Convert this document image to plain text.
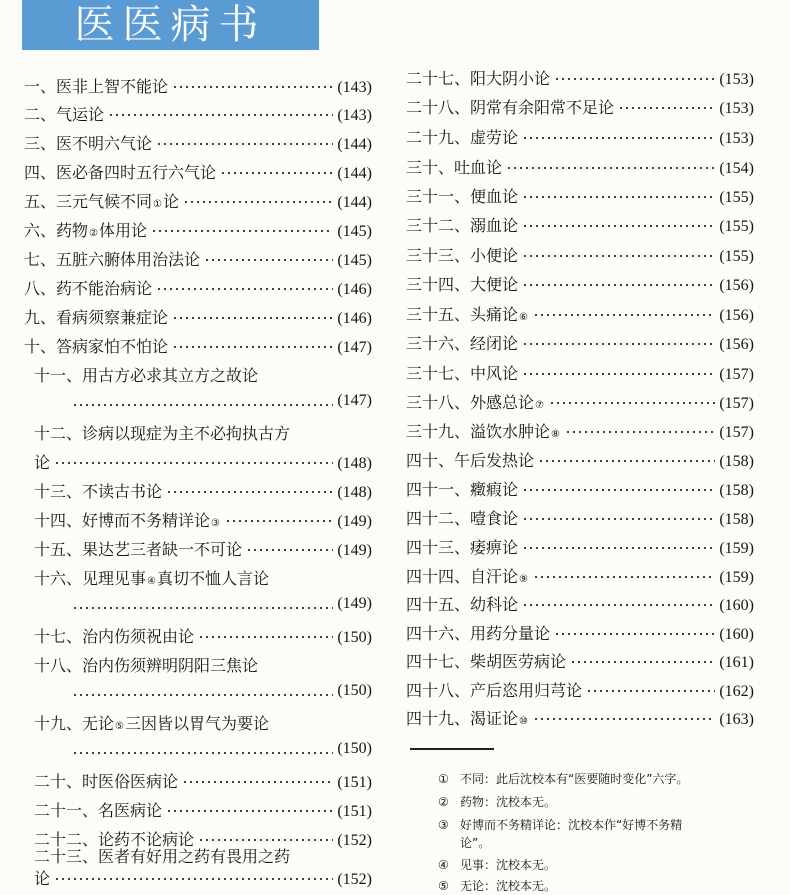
医医病书
一、医非上智不能论	(143)
二、气运论	(143)
三、医不明六气论	(144)
四、医必备四时五行六气论	(144)
五、三元气候不同 ① 论	(144)
六、药物 ② 体用论	(145)
七、五脏六腑体用治法论	(145)
八、药不能治病论	(146)
九、看病须察兼症论	(146)
十、答病家怕不怕论	(147)
十一、用古方必求其立方之故论
(147)
十二、诊病以现症为主不必拘执古方
论	(148)
十三、不读古书论	(148)
十四、好博而不务精详论 ③	(149)
十五、果达艺三者缺一不可论	(149)
十六、见理见事 ④ 真切不恤人言论
(149)
十七、治内伤须祝由论	(150)
十八、治内伤须辨明阴阳三焦论
(150)
十九、无论 ⑤ 三因皆以胃气为要论
(150)
二十、时医俗医病论	(151)
二十一、名医病论	(151)
二十二、论药不论病论	(152)
二十三、医者有好用之药有畏用之药
论	(152)
二十七、阳大阴小论	(153)
二十八、阴常有余阳常不足论	(153)
二十九、虚劳论	(153)
三十、吐血论	(154)
三十一、便血论	(155)
三十二、溺血论	(155)
三十三、小便论	(155)
三十四、大便论	(156)
三十五、头痛论 ⑥	(156)
三十六、经闭论	(156)
三十七、中风论	(157)
三十八、外感总论 ⑦	(157)
三十九、溢饮水肿论 ⑧	(157)
四十、午后发热论	(158)
四十一、癥瘕论	(158)
四十二、噎食论	(158)
四十三、痿痹论	(159)
四十四、自汗论 ⑨	(159)
四十五、幼科论	(160)
四十六、用药分量论	(160)
四十七、柴胡医劳病论	(161)
四十八、产后恣用归芎论	(162)
四十九、渴证论 ⑩	(163)
① 不同：此后沈校本有“医要随时变化”六字。
② 药物：沈校本无。
③ 好博而不务精详论：沈校本作“好博不务精
论”。
④ 见事：沈校本无。
⑤ 无论：沈校本无。
